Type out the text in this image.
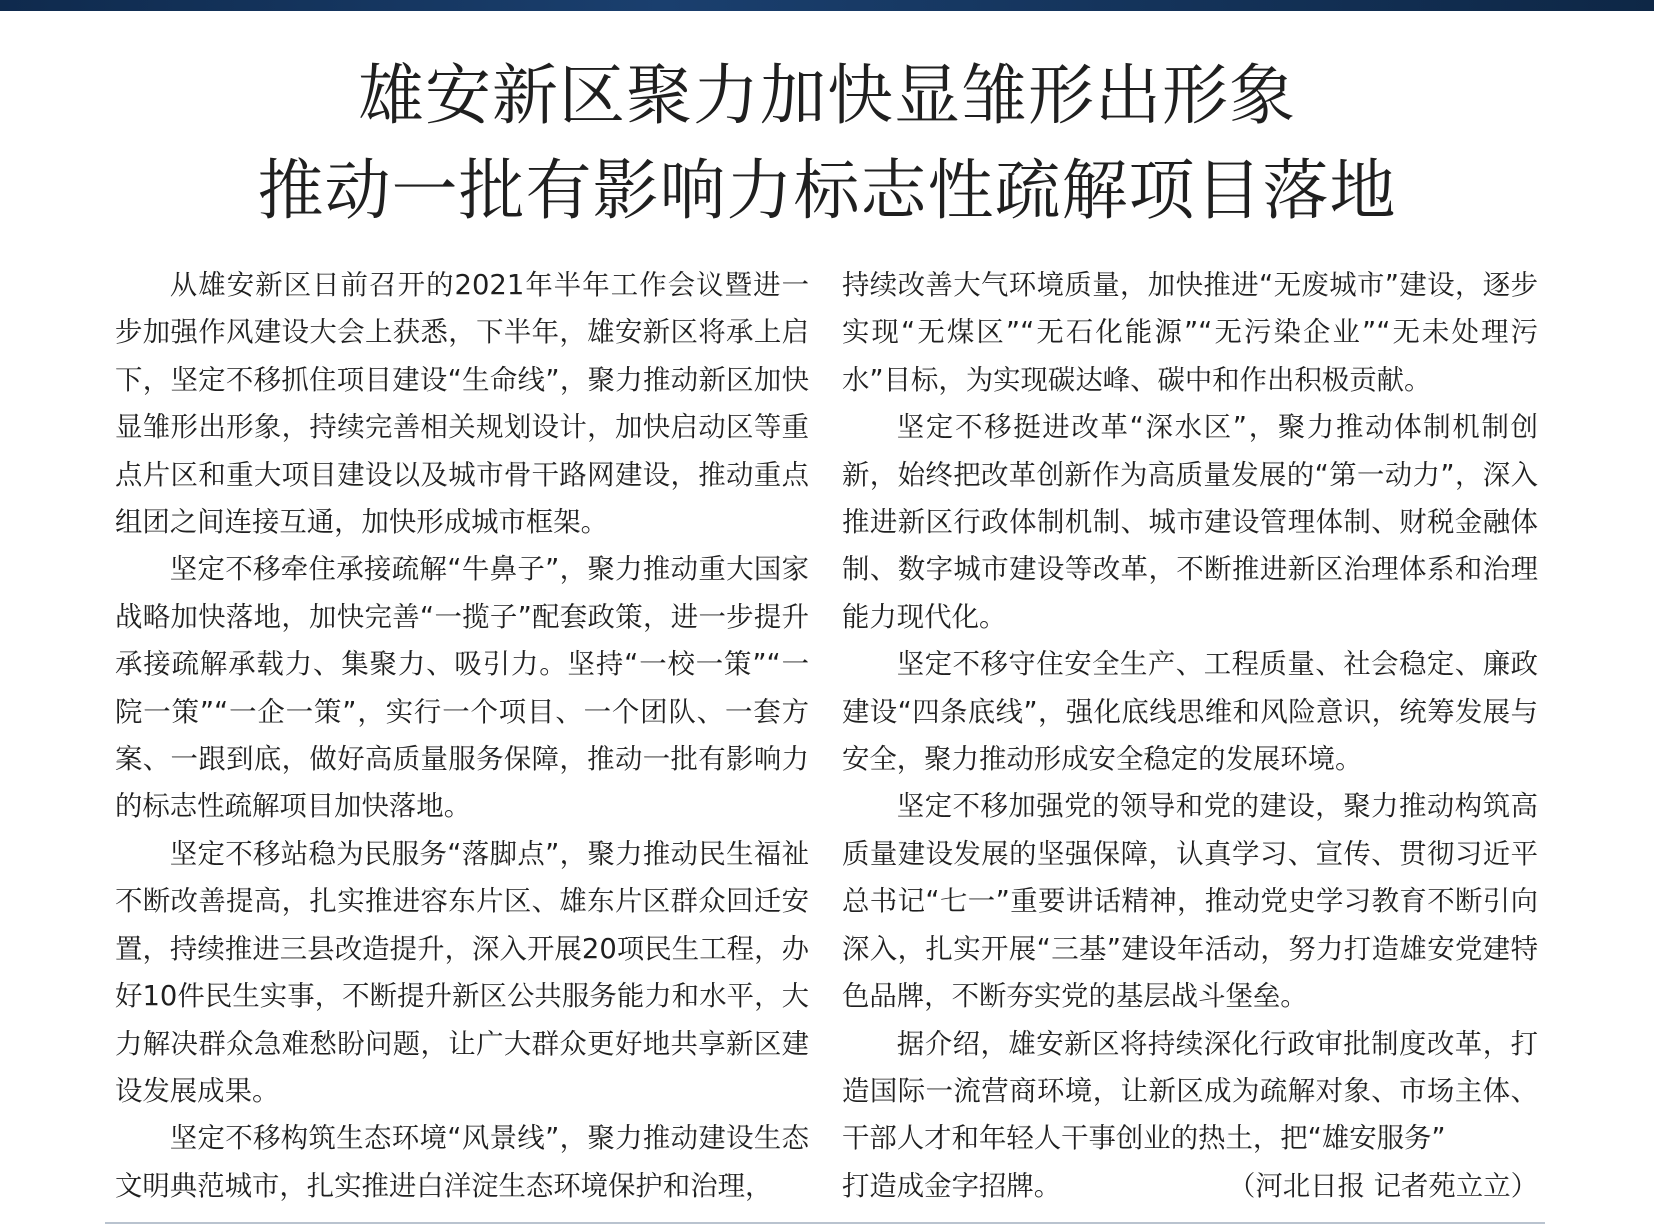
雄安新区聚力加快显雏形出形象
推动一批有影响力标志性疏解项目落地

从雄安新区日前召开的2021年半年工作会议暨进一步加强作风建设大会上获悉，下半年，雄安新区将承上启下，坚定不移抓住项目建设“生命线”，聚力推动新区加快显雏形出形象，持续完善相关规划设计，加快启动区等重点片区和重大项目建设以及城市骨干路网建设，推动重点组团之间连接互通，加快形成城市框架。

坚定不移牵住承接疏解“牛鼻子”，聚力推动重大国家战略加快落地，加快完善“一揽子”配套政策，进一步提升承接疏解承载力、集聚力、吸引力。坚持“一校一策”“一院一策”“一企一策”，实行一个项目、一个团队、一套方案、一跟到底，做好高质量服务保障，推动一批有影响力的标志性疏解项目加快落地。

坚定不移站稳为民服务“落脚点”，聚力推动民生福祉不断改善提高，扎实推进容东片区、雄东片区群众回迁安置，持续推进三县改造提升，深入开展20项民生工程，办好10件民生实事，不断提升新区公共服务能力和水平，大力解决群众急难愁盼问题，让广大群众更好地共享新区建设发展成果。

坚定不移构筑生态环境“风景线”，聚力推动建设生态文明典范城市，扎实推进白洋淀生态环境保护和治理，

持续改善大气环境质量，加快推进“无废城市”建设，逐步实现“无煤区”“无石化能源”“无污染企业”“无未处理污水”目标，为实现碳达峰、碳中和作出积极贡献。

坚定不移挺进改革“深水区”，聚力推动体制机制创新，始终把改革创新作为高质量发展的“第一动力”，深入推进新区行政体制机制、城市建设管理体制、财税金融体制、数字城市建设等改革，不断推进新区治理体系和治理能力现代化。

坚定不移守住安全生产、工程质量、社会稳定、廉政建设“四条底线”，强化底线思维和风险意识，统筹发展与安全，聚力推动形成安全稳定的发展环境。

坚定不移加强党的领导和党的建设，聚力推动构筑高质量建设发展的坚强保障，认真学习、宣传、贯彻习近平总书记“七一”重要讲话精神，推动党史学习教育不断引向深入，扎实开展“三基”建设年活动，努力打造雄安党建特色品牌，不断夯实党的基层战斗堡垒。

据介绍，雄安新区将持续深化行政审批制度改革，打造国际一流营商环境，让新区成为疏解对象、市场主体、干部人才和年轻人干事创业的热土，把“雄安服务”

打造成金字招牌。	（河北日报 记者苑立立）
